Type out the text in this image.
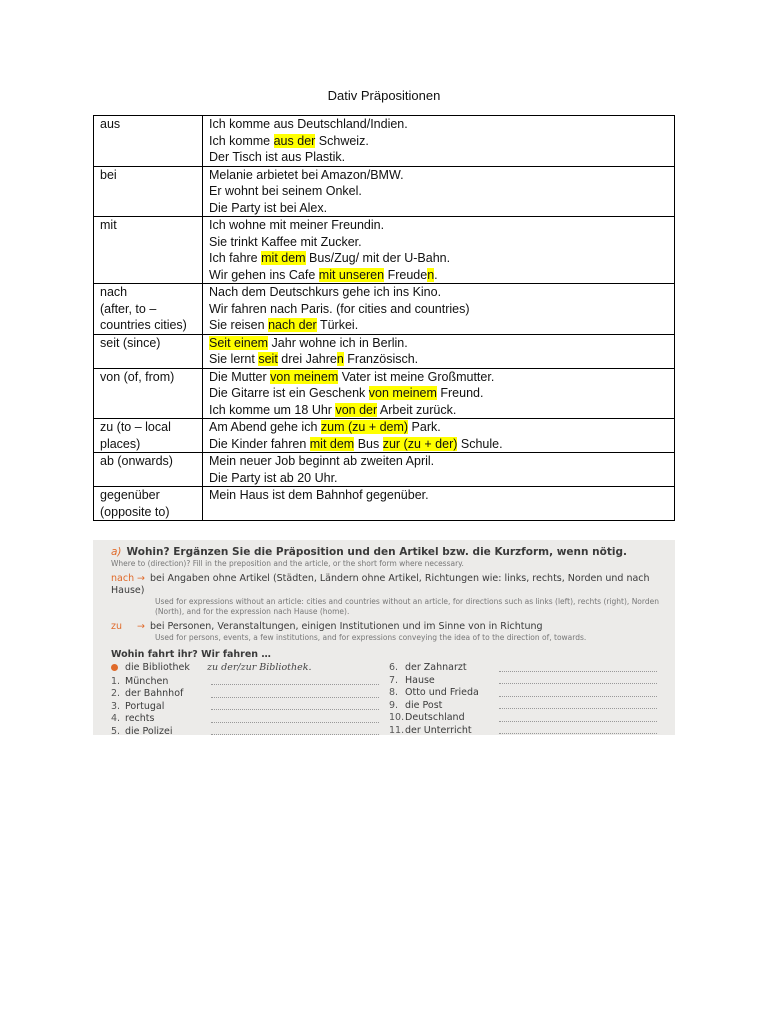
Dativ Präpositionen
aus	Ich komme aus Deutschland/Indien.
Ich komme aus der Schweiz.
Der Tisch ist aus Plastik.

bei	Melanie arbietet bei Amazon/BMW.
Er wohnt bei seinem Onkel.
Die Party ist bei Alex.

mit	Ich wohne mit meiner Freundin.
Sie trinkt Kaffee mit Zucker.
Ich fahre mit dem Bus/Zug/ mit der U-Bahn.
Wir gehen ins Cafe mit unseren Freuden.

nach
(after, to –
countries cities)	Nach dem Deutschkurs gehe ich ins Kino.
Wir fahren nach Paris. (for cities and countries)
Sie reisen nach der Türkei.

seit (since)	Seit einem Jahr wohne ich in Berlin.
Sie lernt seit drei Jahren Französisch.

von (of, from)	Die Mutter von meinem Vater ist meine Großmutter.
Die Gitarre ist ein Geschenk von meinem Freund.
Ich komme um 18 Uhr von der Arbeit zurück.

zu (to – local
places)	Am Abend gehe ich zum (zu + dem) Park.
Die Kinder fahren mit dem Bus zur (zu + der) Schule.

ab (onwards)	Mein neuer Job beginnt ab zweiten April.
Die Party ist ab 20 Uhr.

gegenüber
(opposite to)	Mein Haus ist dem Bahnhof gegenüber.

a) Wohin? Ergänzen Sie die Präposition und den Artikel bzw. die Kurzform, wenn nötig.
Where to (direction)? Fill in the preposition and the article, or the short form where necessary.
nach → bei Angaben ohne Artikel (Städten, Ländern ohne Artikel, Richtungen wie: links, rechts, Norden und nach Hause)
Used for expressions without an article: cities and countries without an article, for directions such as links (left), rechts (right), Norden (North), and for the expression nach Hause (home).
zu → bei Personen, Veranstaltungen, einigen Institutionen und im Sinne von in Richtung
Used for persons, events, a few institutions, and for expressions conveying the idea of to the direction of, towards.
Wohin fahrt ihr? Wir fahren …
die Bibliothek	zu der/zur Bibliothek.
1. München
2. der Bahnhof
3. Portugal
4. rechts
5. die Polizei
6. der Zahnarzt
7. Hause
8. Otto und Frieda
9. die Post
10. Deutschland
11. der Unterricht
